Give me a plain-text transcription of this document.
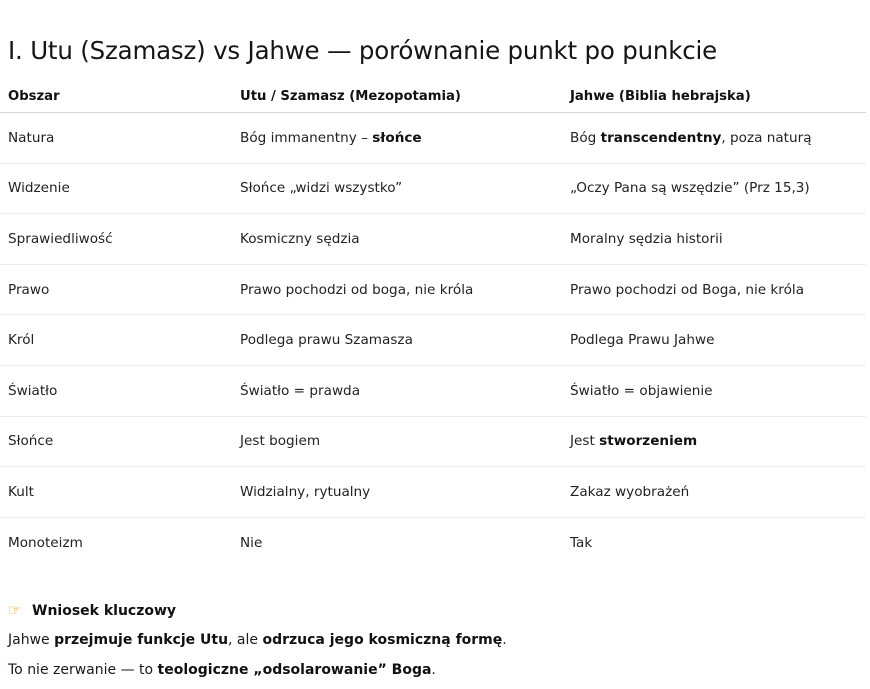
I. Utu (Szamasz) vs Jahwe — porównanie punkt po punkcie
Obszar	Utu / Szamasz (Mezopotamia)	Jahwe (Biblia hebrajska)
Natura	Bóg immanentny – słońce	Bóg transcendentny, poza naturą
Widzenie	Słońce „widzi wszystko”	„Oczy Pana są wszędzie” (Prz 15,3)
Sprawiedliwość	Kosmiczny sędzia	Moralny sędzia historii
Prawo	Prawo pochodzi od boga, nie króla	Prawo pochodzi od Boga, nie króla
Król	Podlega prawu Szamasza	Podlega Prawu Jahwe
Światło	Światło = prawda	Światło = objawienie
Słońce	Jest bogiem	Jest stworzeniem
Kult	Widzialny, rytualny	Zakaz wyobrażeń
Monoteizm	Nie	Tak
☞ Wniosek kluczowy
Jahwe przejmuje funkcje Utu, ale odrzuca jego kosmiczną formę.
To nie zerwanie — to teologiczne „odsolarowanie” Boga.
